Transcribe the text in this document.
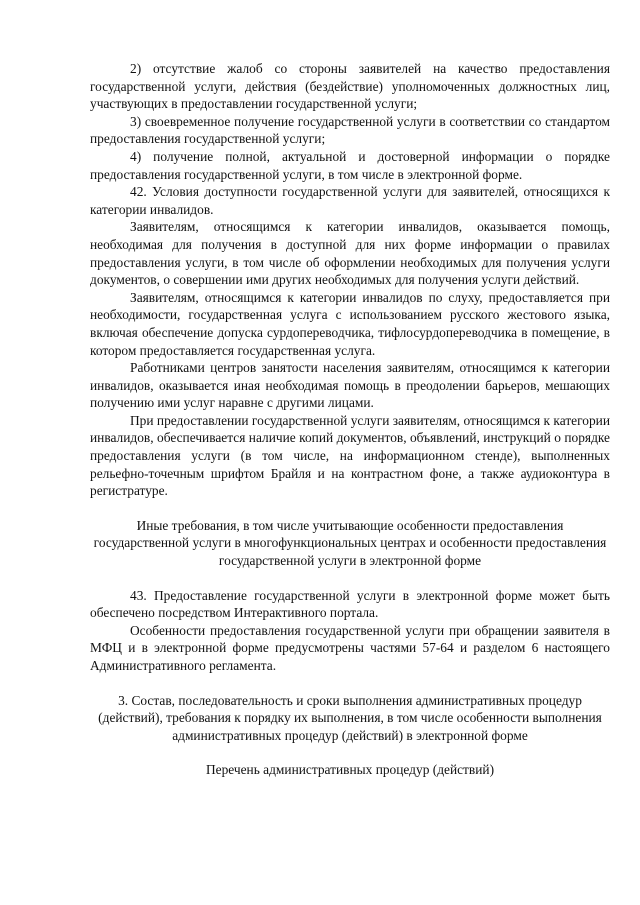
2) отсутствие жалоб со стороны заявителей на качество предоставления государственной услуги, действия (бездействие) уполномоченных должностных лиц, участвующих в предоставлении государственной услуги;

3) своевременное получение государственной услуги в соответствии со стандартом предоставления государственной услуги;

4) получение полной, актуальной и достоверной информации о порядке предоставления государственной услуги, в том числе в электронной форме.

42. Условия доступности государственной услуги для заявителей, относящихся к категории инвалидов.

Заявителям, относящимся к категории инвалидов, оказывается помощь, необходимая для получения в доступной для них форме информации о правилах предоставления услуги, в том числе об оформлении необходимых для получения услуги документов, о совершении ими других необходимых для получения услуги действий.

Заявителям, относящимся к категории инвалидов по слуху, предоставляется при необходимости, государственная услуга с использованием русского жестового языка, включая обеспечение допуска сурдопереводчика, тифлосурдопереводчика в помещение, в котором предоставляется государственная услуга.

Работниками центров занятости населения заявителям, относящимся к категории инвалидов, оказывается иная необходимая помощь в преодолении барьеров, мешающих получению ими услуг наравне с другими лицами.

При предоставлении государственной услуги заявителям, относящимся к категории инвалидов, обеспечивается наличие копий документов, объявлений, инструкций о порядке предоставления услуги (в том числе, на информационном стенде), выполненных рельефно-точечным шрифтом Брайля и на контрастном фоне, а также аудиоконтура в регистратуре.

Иные требования, в том числе учитывающие особенности предоставления государственной услуги в многофункциональных центрах и особенности предоставления государственной услуги в электронной форме

43. Предоставление государственной услуги в электронной форме может быть обеспечено посредством Интерактивного портала.

Особенности предоставления государственной услуги при обращении заявителя в МФЦ и в электронной форме предусмотрены частями 57-64 и разделом 6 настоящего Административного регламента.

3. Состав, последовательность и сроки выполнения административных процедур (действий), требования к порядку их выполнения, в том числе особенности выполнения административных процедур (действий) в электронной форме

Перечень административных процедур (действий)
